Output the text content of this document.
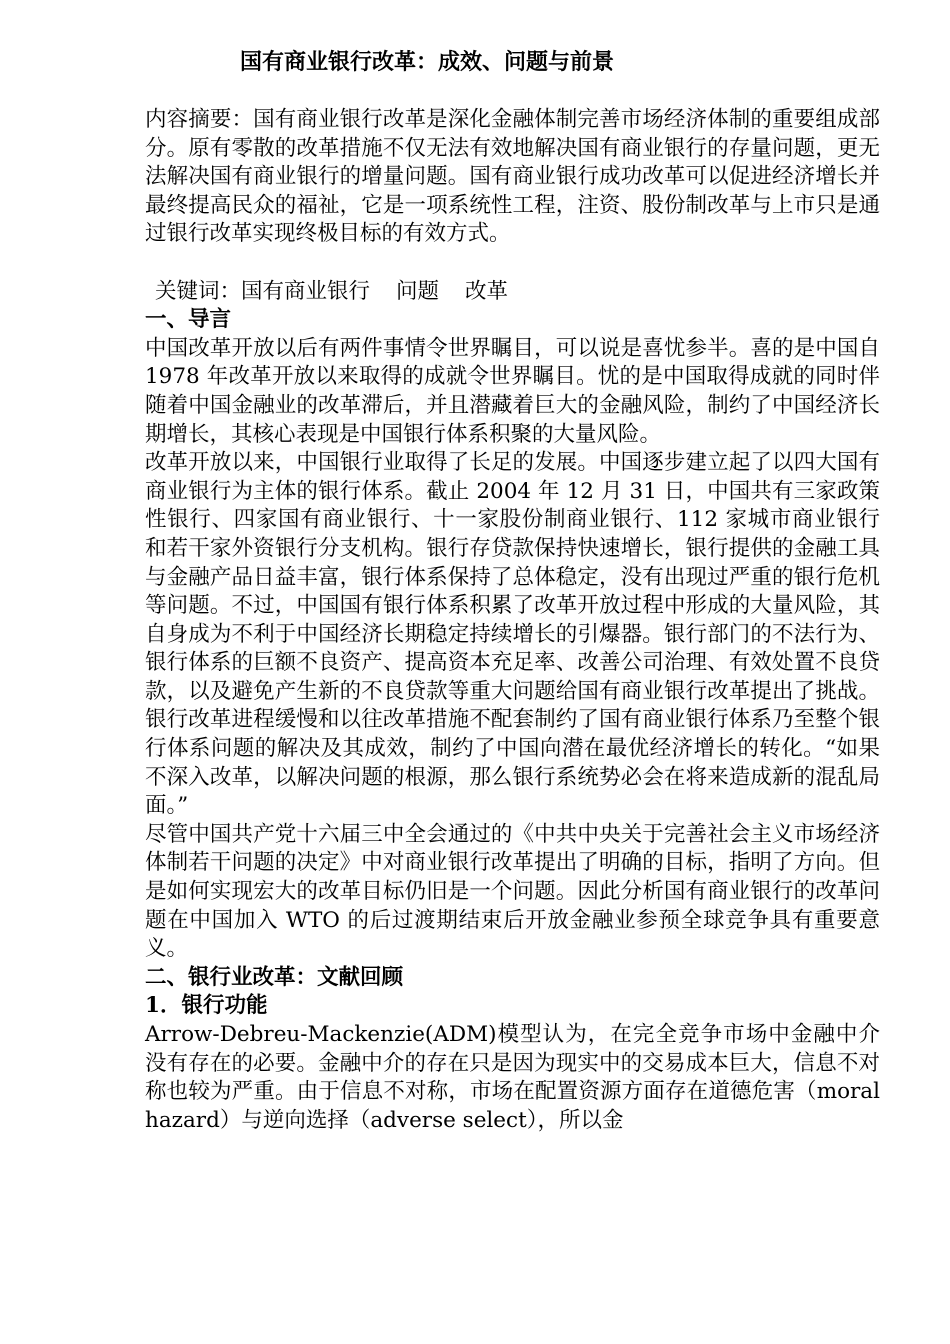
国有商业银行改革：成效、问题与前景

内容摘要：国有商业银行改革是深化金融体制完善市场经济体制的重要组成部分。原有零散的改革措施不仅无法有效地解决国有商业银行的存量问题，更无法解决国有商业银行的增量问题。国有商业银行成功改革可以促进经济增长并最终提高民众的福祉，它是一项系统性工程，注资、股份制改革与上市只是通过银行改革实现终极目标的有效方式。

关键词：国有商业银行 问题 改革

一、导言

中国改革开放以后有两件事情令世界瞩目，可以说是喜忧参半。喜的是中国自 1978 年改革开放以来取得的成就令世界瞩目。忧的是中国取得成就的同时伴随着中国金融业的改革滞后，并且潜藏着巨大的金融风险，制约了中国经济长期增长，其核心表现是中国银行体系积聚的大量风险。

改革开放以来，中国银行业取得了长足的发展。中国逐步建立起了以四大国有商业银行为主体的银行体系。截止 2004 年 12 月 31 日，中国共有三家政策性银行、四家国有商业银行、十一家股份制商业银行、112 家城市商业银行和若干家外资银行分支机构。银行存贷款保持快速增长，银行提供的金融工具与金融产品日益丰富，银行体系保持了总体稳定，没有出现过严重的银行危机等问题。不过，中国国有银行体系积累了改革开放过程中形成的大量风险，其自身成为不利于中国经济长期稳定持续增长的引爆器。银行部门的不法行为、银行体系的巨额不良资产、提高资本充足率、改善公司治理、有效处置不良贷款，以及避免产生新的不良贷款等重大问题给国有商业银行改革提出了挑战。银行改革进程缓慢和以往改革措施不配套制约了国有商业银行体系乃至整个银行体系问题的解决及其成效，制约了中国向潜在最优经济增长的转化。“如果不深入改革，以解决问题的根源，那么银行系统势必会在将来造成新的混乱局面。”

尽管中国共产党十六届三中全会通过的《中共中央关于完善社会主义市场经济体制若干问题的决定》中对商业银行改革提出了明确的目标，指明了方向。但是如何实现宏大的改革目标仍旧是一个问题。因此分析国有商业银行的改革问题在中国加入 WTO 的后过渡期结束后开放金融业参预全球竞争具有重要意义。

二、银行业改革：文献回顾
1．银行功能

Arrow-Debreu-Mackenzie(ADM)模型认为，在完全竞争市场中金融中介没有存在的必要。金融中介的存在只是因为现实中的交易成本巨大，信息不对称也较为严重。由于信息不对称，市场在配置资源方面存在道德危害（moral hazard）与逆向选择（adverse select），所以金
